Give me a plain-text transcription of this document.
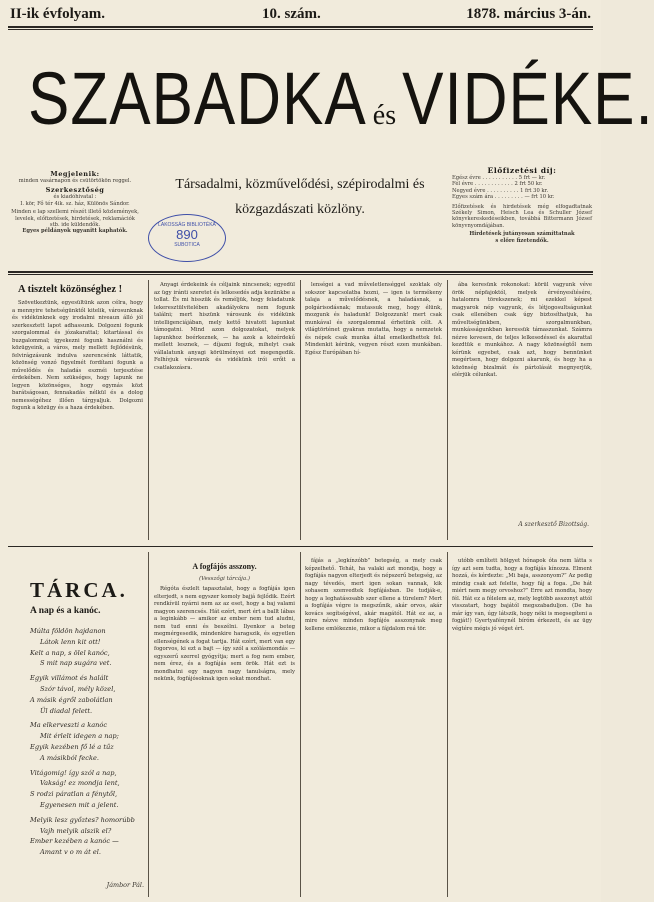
II-ik évfolyam.	10. szám.	1878. március 3-án.
SZABADKA ésVIDÉKE.
Társadalmi, közművelődési, szépirodalmi és
közgazdászati közlöny.
Megjelenik:
minden vasárnapon és csütörtökön reggel.
Szerkesztőség
és kiadóhivatal :
I. kör, Fő tér 4ik. sz. ház, Különös Sándor.
Minden e lap szellemi részét illető közlemények, levelek, előfizetések, hirdetések, reklamációk stb. ide küldendők.
Egyes példányok ugyanitt kaphatók.
LAKOSSÁG BIBLIOTÉKA
890
SUBOTICA
Előfizetési díj:
Egész évre . . . . . . . . . . . 5 frt — kr.
Fél évre . . . . . . . . . . . . 2 frt 50 kr.
Negyed évre . . . . . . . . . . 1 frt 30 kr.
Egyes szám ára . . . . . . . . . — frt 10 kr.
Előfizetések és hirdetések még elfogadtatnak Székely Simon, Heisch Lea és Schuller József könyvkereskedéseikben, továbbá Bittermann József könyvnyomdájában.
Hirdetések jutányosan számíttatnak
s előre fizetendők.
A tisztelt közönséghez !

Szövetkeztünk, egyesültünk azon célra, hogy a mennyire tehetségünktől kitelik, városunknak és vidékünknek egy irodalmi niveaun álló jól szerkesztett lapot adhassunk. Dolgozni fogunk szorgalommal és józakarattal; kitartással és buzgalommal; igyekezni fogunk használni és közügyeink, a város, mely mellett fejlődésünk, felvirágzásunk indulva szerencsénk láttatik, közönség vonzó figyelmét fordítani fogunk a művelődés és haladás eszméi terjesztése érdekében. Nem szükséges, hogy lapunk ne legyen közönséges, hogy egymás közt barátságosan, fennakadás nélkül és a dolog nemességéhez illően tárgyaljuk. Dolgozni fogunk a közügy és a haza érdekében.

Anyagi érdekeink és céljaink nincsenek; egyedül az ügy iránti szeretet és lelkesedés adja kezünkbe a tollat. És mi hisszük és reméljük, hogy feladatunk lekeresztülvitelében akadályokra nem fogunk találni; mert hiszünk városunk és vidékünk intelligenciájában, mely kettő hivatott lapunkat támogatni. Mind azon dolgozatokat, melyek lapunkhoz beérkeznek, — ha azok a közérdekű mellett lesznek, — díjazni fogjuk, mihelyt csak vállalatunk anyagi körülményei ezt megengedik. Felhívjuk városunk és vidékünk irói erőit a csatlakozásra.

lenségei a vad műveletlenséggel szoktak oly sokszor kapcsolatba hozni, — igen is termékeny talaja a művelődésnek, a haladásnak, a polgárisodásnak; mutassuk meg, hogy élünk, mozgunk és haladunk! Dolgozzunk! mert csak munkával és szorgalommal érhetünk célt. A világtörténet gyakran mutatta, hogy a nemzetek és népek csak munka által emelkedhettek fel. Mindenkit kérünk, vegyen részt ezen munkában. Egész Európában hí-

ába keresünk rokonokat: körül vagyunk véve örök népfajoktól, melyek érvényesítésére, hatalomra törekszenek; mi ezekkel képest magyarok nép vagyunk, és létjogosultságunkat csak ellenében csak úgy biztosíthatjuk, ha műveltségünkben, szorgalmunkban, munkásságunkban keressük támaszunkat. Számra nézve kevesen, de teljes lelkesedéssel és akarattal kezdtük e munkához. A nagy közönségtől nem kérünk egyebet, csak azt, hogy bennünket megértsen, hogy dolgozni akarunk, és hogy ha a közönség bizalmát és pártolását megnyerjük, elérjük célunkat.

A szerkesztő Bizottság.
TÁRCA.
A nap és a kanóc.
Múlta földön hajdanon
Látok lenn kit ott!
Kelt a nap, s ölel kanóc,
S mit nap sugára vet.

Egyik villámot és halált
Szór távol, mély közel,
A másik égről zabolátlan
Ül diadal felett.

Ma elkerveszti a kanóc
Mit érlelt idegen a nap;
Egyik kezében fő lé a tűz
A másikból fecke.

Vitágomig! így szól a nap,
Vakság! ez mondja lent,
S rodzi páratlan a fénytől,
Egyenesen mit a jelent.

Melyik lesz győztes? homorúbb
Vajh melyik alszik el?
Ember kezében a kanóc —
Amant v o m át el.
Jámbor Pál.
A fogfájós asszony.
(Vesszőgi tárcája.)

Régóta észlelt tapasztalat, hogy a fogfájás igen elterjedt, s nem egyszer komoly bajjá fejlődik. Ezért rendkívül nyárni nem az az eset, hogy a baj valami magyon szerencsés. Hát ezért, mert ért a ballt lábas a leginkább — amikor az ember nem tud aludni, nem tud enni és beszélni. Ilyenkor a beteg megmérgesedik, mindenkire haragszik, és egyetlen ellenségének a fogat tartja. Hát ezért, mert van egy fogorvos, ki ezt a bajt — így szól a szólásmondás — egyszerű szerrel gyógyítja; mert a fog nem ember, nem érez, és a fogfájás sem örök. Hát ezt is mondhatni egy nagyon nagy tanulságra, mely nekünk, fogfájósoknak igen sokat mondhat.

fájás a „legkínzóbb” betegség, a mely csak képzelhető. Tehát, ha valaki azt mondja, hogy a fogfájás nagyon elterjedt és népszerű betegség, az nagy tévedés, mert igen sokan vannak, kik sohasem szenvedtek fogfájásban. De tudják-e, hogy a leghatásosabb szer ellene a türelem? Mert a fogfájás végre is megszűnik, akár orvos, akár kovács segítségével, akár magától. Hát ez az, a mire nézve minden fogfájós asszonynak meg kellene emlékeznie, mikor a fájdalom reá tör.

utóbb említett hölgyet hónapok óta nem látta s így azt sem tudta, hogy a fogfájás kínozza. Elment hozzá, és kérdezte: „Mi baja, asszonyom?” Az pedig mindig csak azt felelte, hogy fáj a foga. „De hát miért nem megy orvoshoz?” Erre azt mondta, hogy fél. Hát ez a félelem az, mely legtöbb asszonyt attól visszatart, hogy bajától megszabaduljon. (De ha már így van, úgy látszik, hogy néki is megsegíteni a fogját!) Gyertyafénynél bíróm érkezett, és az ügy végtére mégis jó véget ért.
